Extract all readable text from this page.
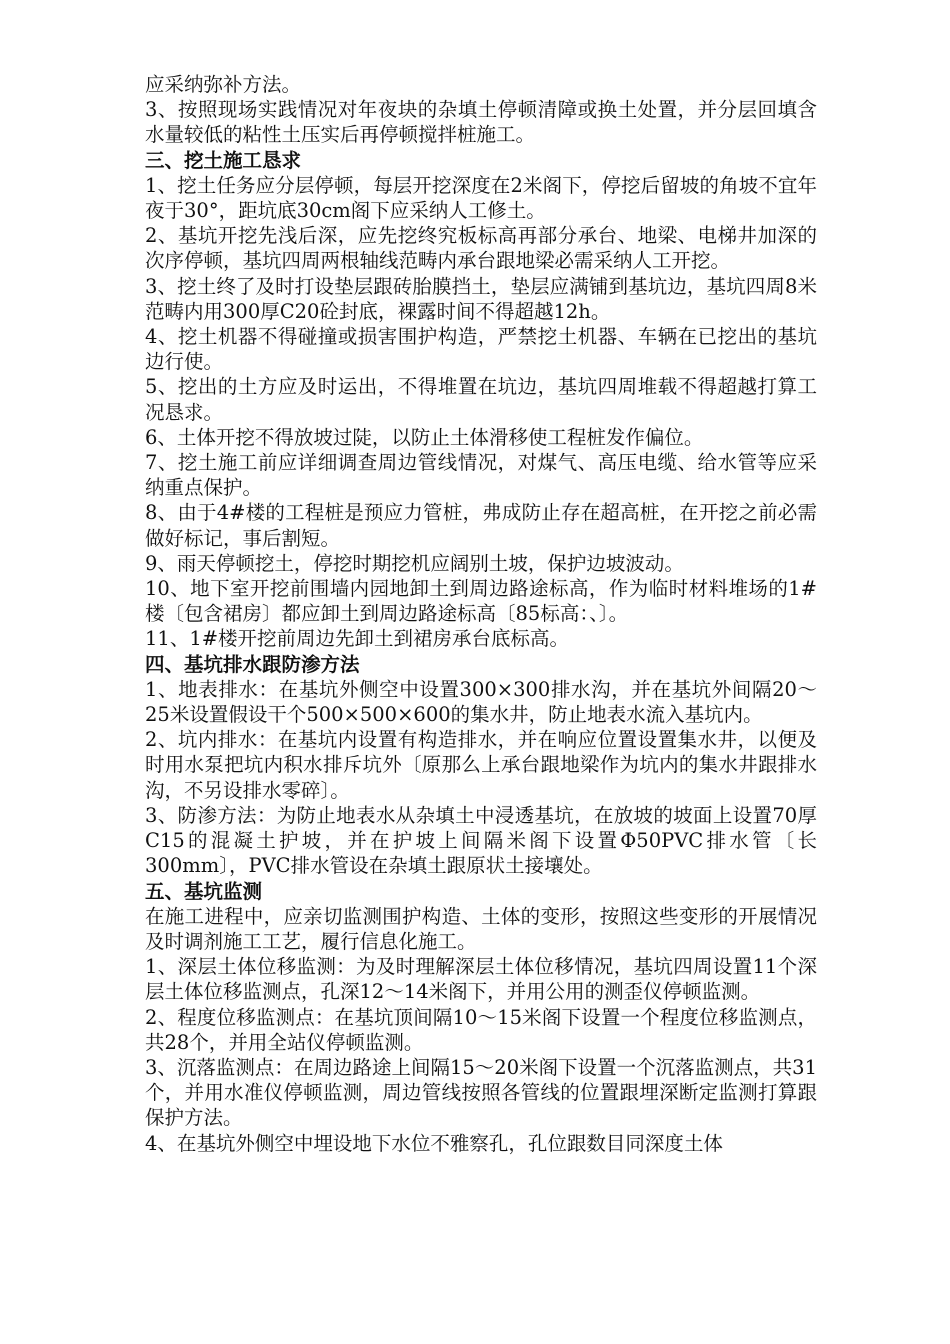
应采纳弥补方法。

3、按照现场实践情况对年夜块的杂填土停顿清障或换土处置，并分层回填含水量较低的粘性土压实后再停顿搅拌桩施工。

三、挖土施工恳求

1、挖土任务应分层停顿，每层开挖深度在2米阁下，停挖后留坡的角坡不宜年夜于30°，距坑底30cm阁下应采纳人工修土。

2、基坑开挖先浅后深，应先挖终究板标高再部分承台、地梁、电梯井加深的次序停顿，基坑四周两根轴线范畴内承台跟地梁必需采纳人工开挖。

3、挖土终了及时打设垫层跟砖胎膜挡土，垫层应满铺到基坑边，基坑四周8米范畴内用300厚C20砼封底，裸露时间不得超越12h。

4、挖土机器不得碰撞或损害围护构造，严禁挖土机器、车辆在已挖出的基坑边行使。

5、挖出的土方应及时运出，不得堆置在坑边，基坑四周堆载不得超越打算工况恳求。

6、土体开挖不得放坡过陡，以防止土体滑移使工程桩发作偏位。

7、挖土施工前应详细调查周边管线情况，对煤气、高压电缆、给水管等应采纳重点保护。

8、由于4#楼的工程桩是预应力管桩，弗成防止存在超高桩，在开挖之前必需做好标记，事后割短。

9、雨天停顿挖土，停挖时期挖机应阔别土坡，保护边坡波动。

10、地下室开挖前围墙内园地卸土到周边路途标高，作为临时材料堆场的1#楼〔包含裙房〕都应卸土到周边路途标高〔85标高：、〕。

11、1#楼开挖前周边先卸土到裙房承台底标高。

四、基坑排水跟防渗方法

1、地表排水：在基坑外侧空中设置300×300排水沟，并在基坑外间隔20～25米设置假设干个500×500×600的集水井，防止地表水流入基坑内。

2、坑内排水：在基坑内设置有构造排水，并在响应位置设置集水井，以便及时用水泵把坑内积水排斥坑外〔原那么上承台跟地梁作为坑内的集水井跟排水沟，不另设排水零碎〕。

3、防渗方法：为防止地表水从杂填土中浸透基坑，在放坡的坡面上设置70厚C15的混凝土护坡，并在护坡上间隔米阁下设置Φ50PVC排水管〔长300mm〕，PVC排水管设在杂填土跟原状土接壤处。

五、基坑监测

在施工进程中，应亲切监测围护构造、土体的变形，按照这些变形的开展情况及时调剂施工工艺，履行信息化施工。

1、深层土体位移监测：为及时理解深层土体位移情况，基坑四周设置11个深层土体位移监测点，孔深12～14米阁下，并用公用的测歪仪停顿监测。

2、程度位移监测点：在基坑顶间隔10～15米阁下设置一个程度位移监测点，共28个，并用全站仪停顿监测。

3、沉落监测点：在周边路途上间隔15～20米阁下设置一个沉落监测点，共31个，并用水准仪停顿监测，周边管线按照各管线的位置跟埋深断定监测打算跟保护方法。

4、在基坑外侧空中埋设地下水位不雅察孔，孔位跟数目同深度土体
